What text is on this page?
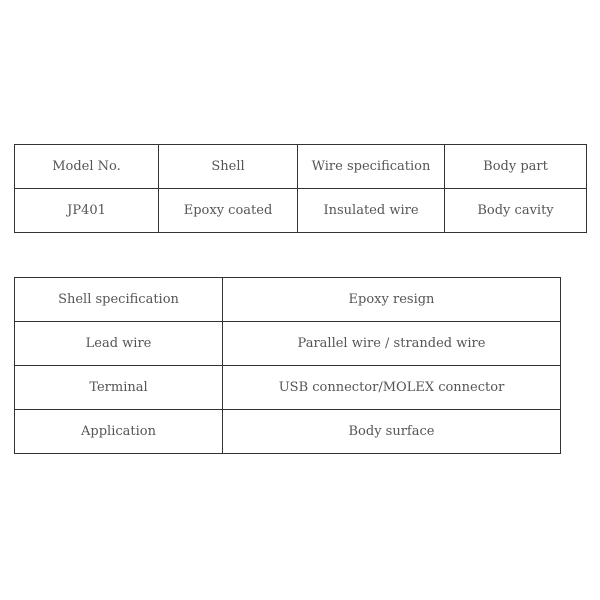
Model No.	Shell	Wire specification	Body part
JP401	Epoxy coated	Insulated wire	Body cavity
Shell specification	Epoxy resign
Lead wire	Parallel wire / stranded wire
Terminal	USB connector/MOLEX connector
Application	Body surface
